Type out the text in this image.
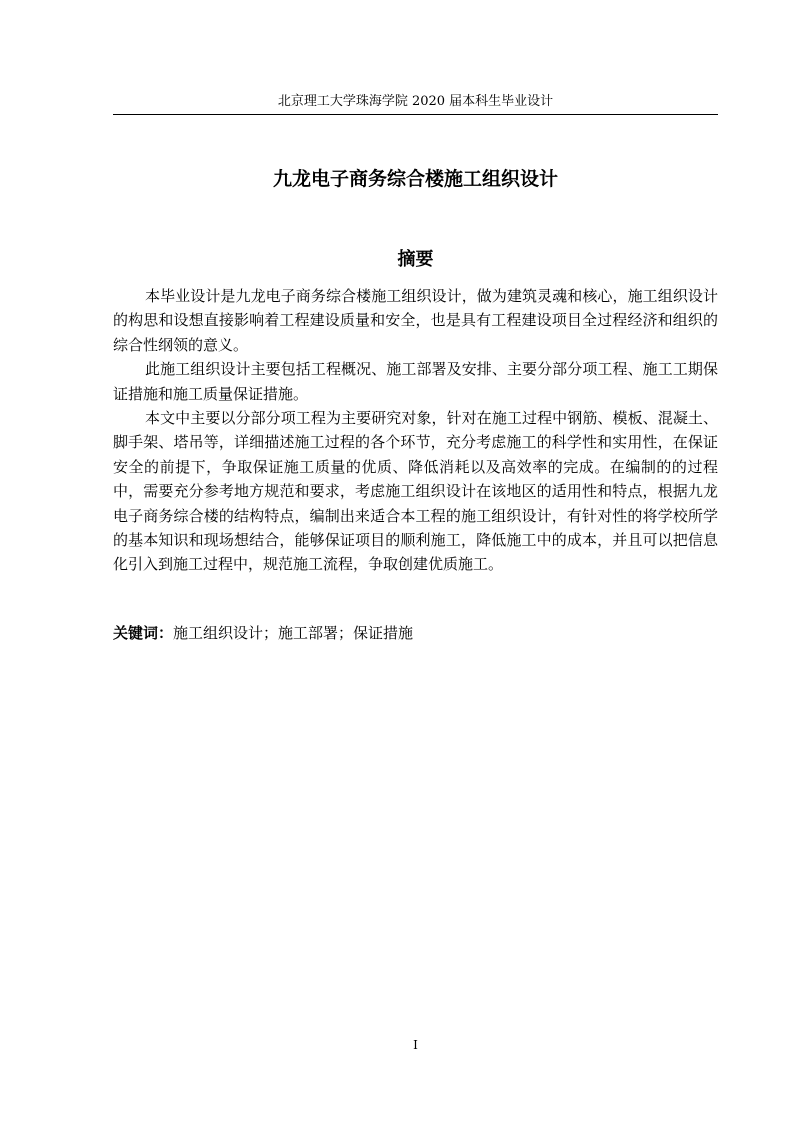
北京理工大学珠海学院 2020 届本科生毕业设计
九龙电子商务综合楼施工组织设计
摘要

本毕业设计是九龙电子商务综合楼施工组织设计，做为建筑灵魂和核心，施工组织设计的构思和设想直接影响着工程建设质量和安全，也是具有工程建设项目全过程经济和组织的综合性纲领的意义。

此施工组织设计主要包括工程概况、施工部署及安排、主要分部分项工程、施工工期保证措施和施工质量保证措施。

本文中主要以分部分项工程为主要研究对象，针对在施工过程中钢筋、模板、混凝土、脚手架、塔吊等，详细描述施工过程的各个环节，充分考虑施工的科学性和实用性，在保证安全的前提下，争取保证施工质量的优质、降低消耗以及高效率的完成。在编制的的过程中，需要充分参考地方规范和要求，考虑施工组织设计在该地区的适用性和特点，根据九龙电子商务综合楼的结构特点，编制出来适合本工程的施工组织设计，有针对性的将学校所学的基本知识和现场想结合，能够保证项目的顺利施工，降低施工中的成本，并且可以把信息化引入到施工过程中，规范施工流程，争取创建优质施工。

关键词：施工组织设计；施工部署；保证措施
I
